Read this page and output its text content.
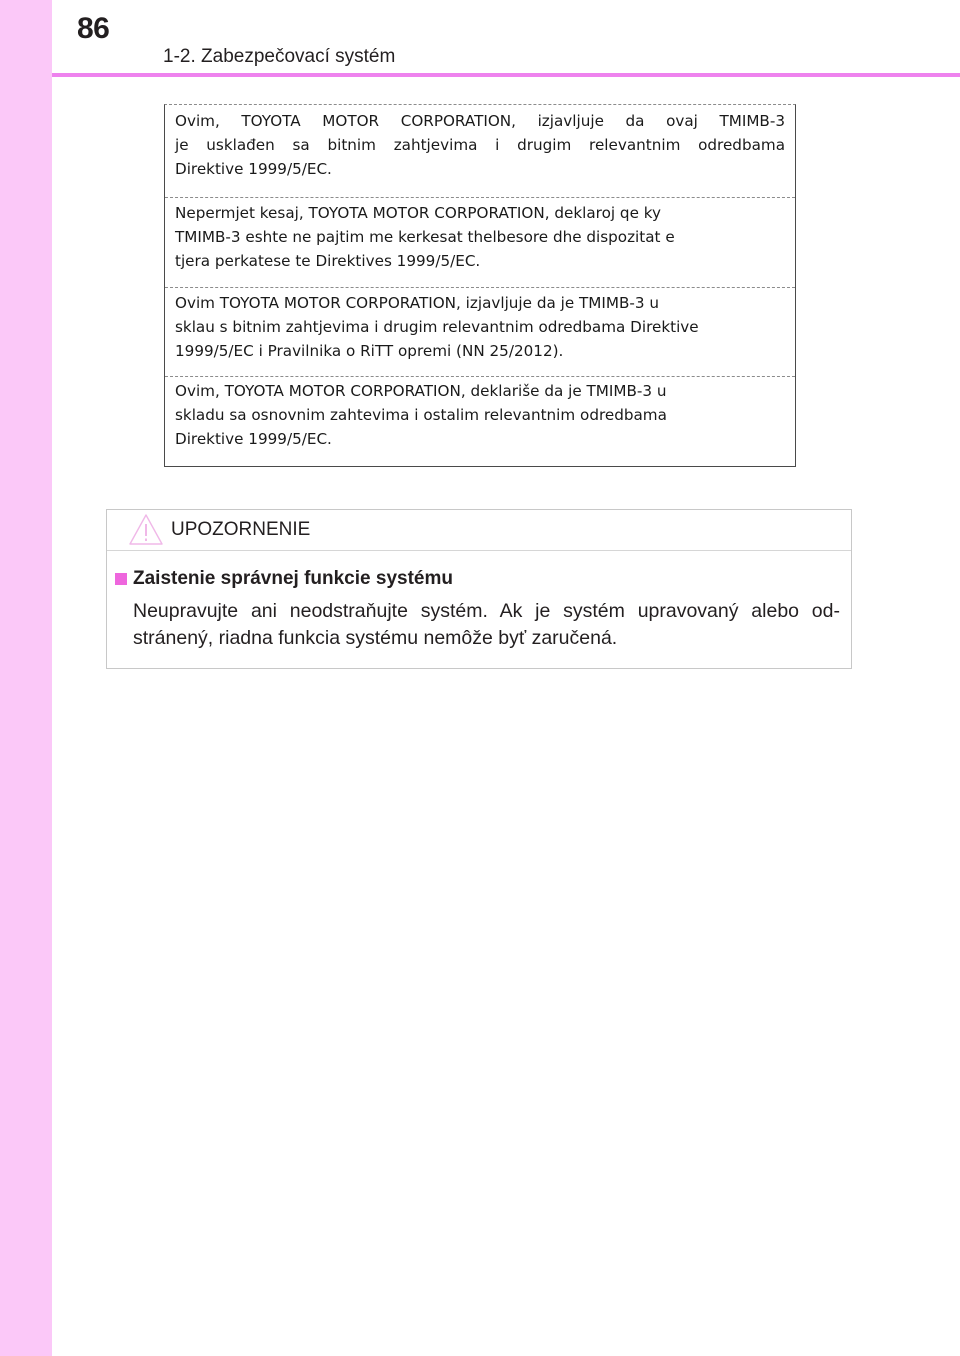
86
1-2. Zabezpečovací systém
Ovim, TOYOTA MOTOR CORPORATION, izjavljuje da ovaj TMIMB-3
je usklađen sa bitnim zahtjevima i drugim relevantnim odredbama
Direktive 1999/5/EC.
Nepermjet kesaj, TOYOTA MOTOR CORPORATION, deklaroj qe ky
TMIMB-3 eshte ne pajtim me kerkesat thelbesore dhe dispozitat e
tjera perkatese te Direktives 1999/5/EC.
Ovim TOYOTA MOTOR CORPORATION, izjavljuje da je TMIMB-3 u
sklau s bitnim zahtjevima i drugim relevantnim odredbama Direktive
1999/5/EC i Pravilnika o RiTT opremi (NN 25/2012).
Ovim, TOYOTA MOTOR CORPORATION, deklariše da je TMIMB-3 u
skladu sa osnovnim zahtevima i ostalim relevantnim odredbama
Direktive 1999/5/EC.
UPOZORNENIE
Zaistenie správnej funkcie systému
Neupravujte ani neodstraňujte systém. Ak je systém upravovaný alebo od-
stránený, riadna funkcia systému nemôže byť zaručená.
